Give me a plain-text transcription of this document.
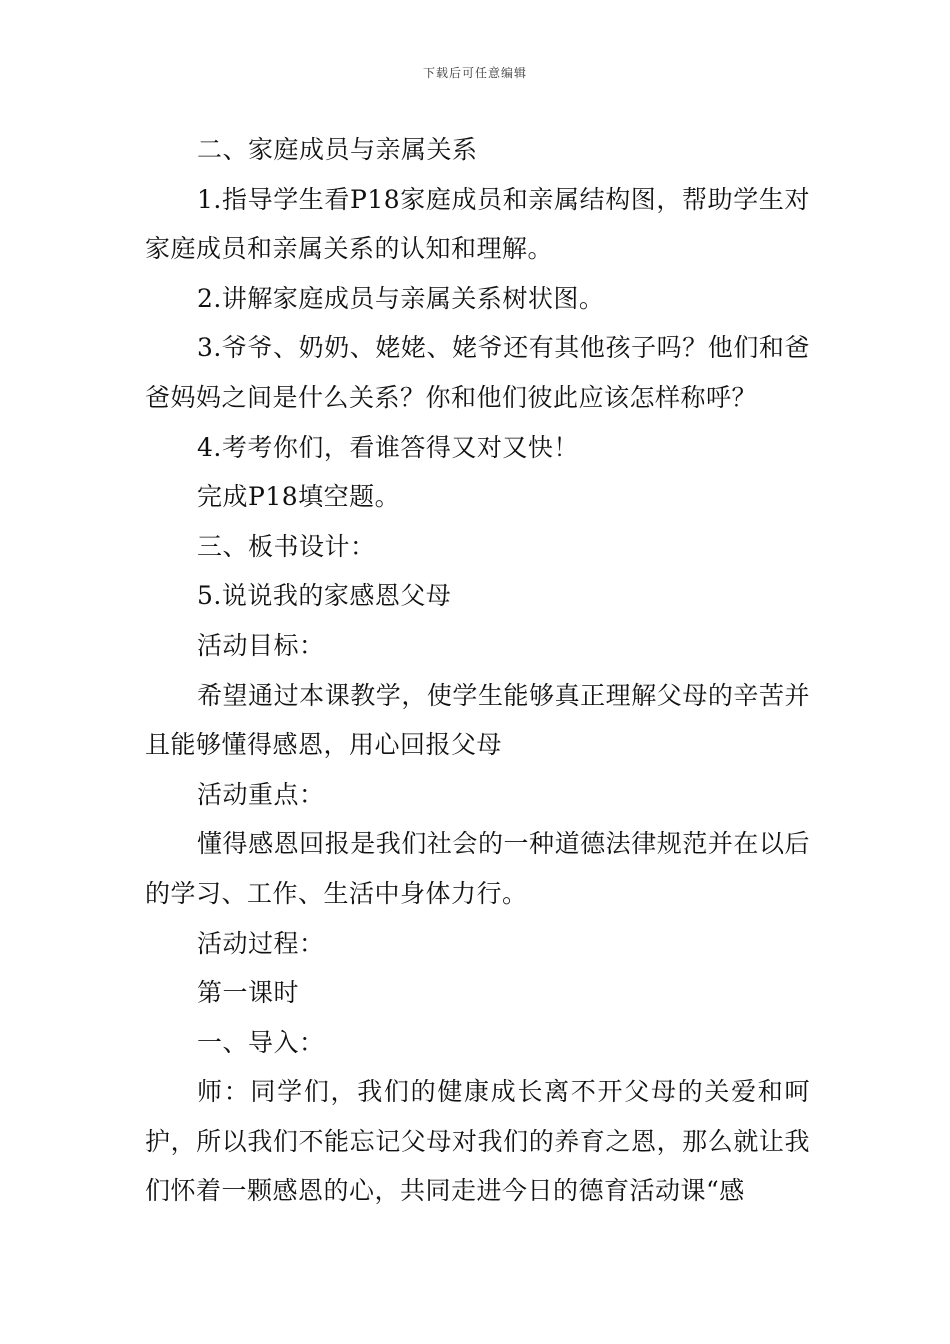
下载后可任意编辑

二、家庭成员与亲属关系

1.指导学生看P18家庭成员和亲属结构图，帮助学生对家庭成员和亲属关系的认知和理解。

2.讲解家庭成员与亲属关系树状图。

3.爷爷、奶奶、姥姥、姥爷还有其他孩子吗？他们和爸爸妈妈之间是什么关系？你和他们彼此应该怎样称呼？

4.考考你们，看谁答得又对又快！

完成P18填空题。

三、板书设计：

5.说说我的家感恩父母

活动目标：

希望通过本课教学，使学生能够真正理解父母的辛苦并且能够懂得感恩，用心回报父母

活动重点：

懂得感恩回报是我们社会的一种道德法律规范并在以后的学习、工作、生活中身体力行。

活动过程：

第一课时

一、导入：

师：同学们，我们的健康成长离不开父母的关爱和呵护，所以我们不能忘记父母对我们的养育之恩，那么就让我们怀着一颗感恩的心，共同走进今日的德育活动课“感
